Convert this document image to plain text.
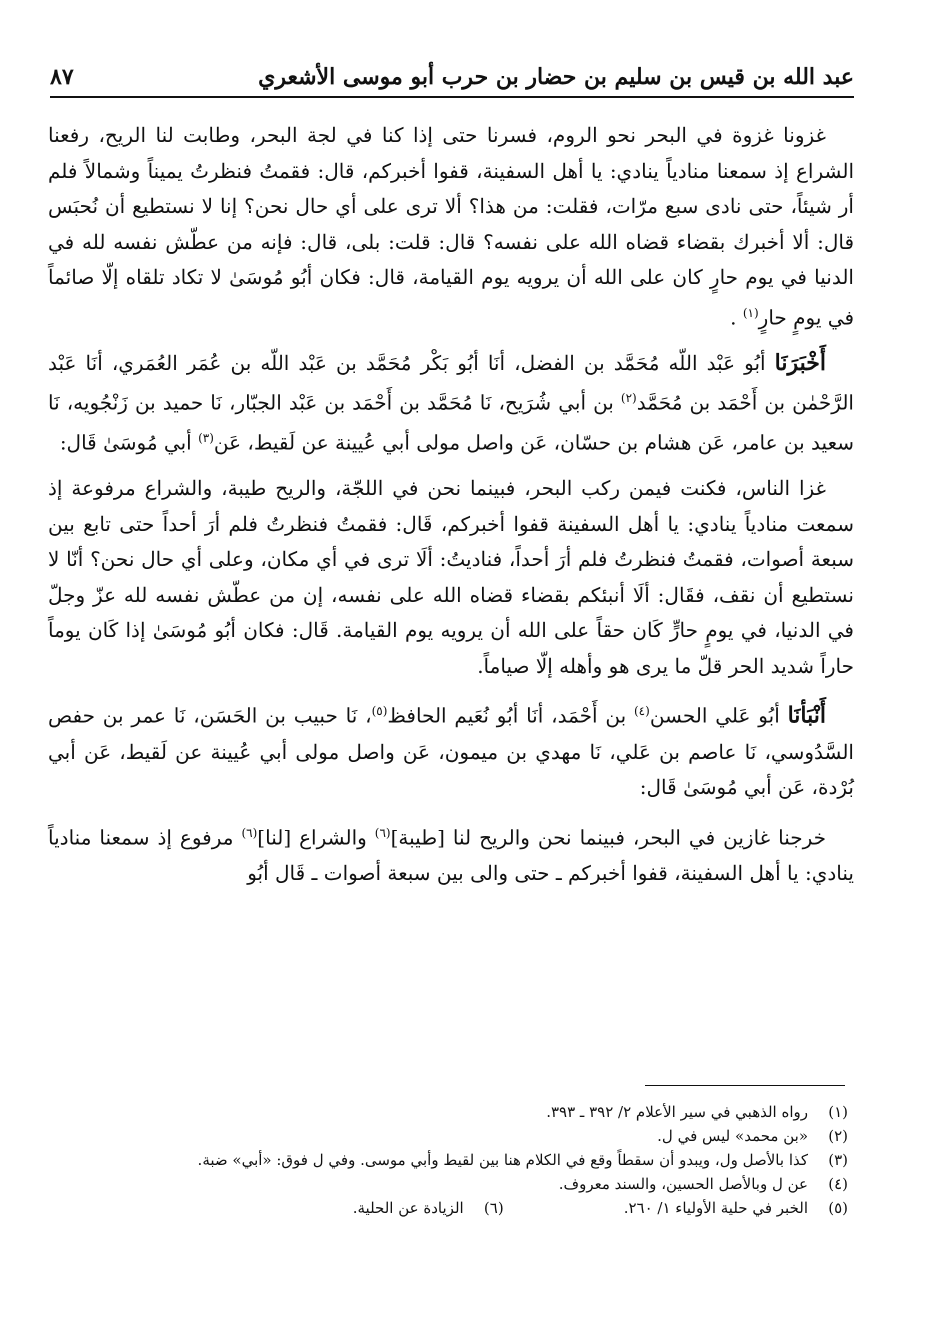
عبد الله بن قيس بن سليم بن حضار بن حرب أبو موسى الأشعري
٨٧

غزونا غزوة في البحر نحو الروم، فسرنا حتى إذا كنا في لجة البحر، وطابت لنا الريح، رفعنا الشراع إذ سمعنا منادياً ينادي: يا أهل السفينة، قفوا أخبركم، قال: فقمتُ فنظرتُ يميناً وشمالاً فلم أر شيئاً، حتى نادى سبع مرّات، فقلت: من هذا؟ ألا ترى على أي حال نحن؟ إنا لا نستطيع أن نُحبَس قال: ألا أخبرك بقضاء قضاه الله على نفسه؟ قال: قلت: بلى، قال: فإنه من عطّش نفسه لله في الدنيا في يوم حارٍ كان على الله أن يرويه يوم القيامة، قال: فكان أبُو مُوسَىٰ لا تكاد تلقاه إلّا صائماً في يومٍ حارٍ$^{(١)}$ .

أَخْبَرَنَا أبُو عَبْد اللّه مُحَمَّد بن الفضل، أنَا أبُو بَكْر مُحَمَّد بن عَبْد اللّه بن عُمَر العُمَري، أنَا عَبْد الرَّحْمٰن بن أَحْمَد بن مُحَمَّد$^{(٢)}$ بن أبي شُرَيح، نَا مُحَمَّد بن أَحْمَد بن عَبْد الجبّار، نَا حميد بن زَنْجُويه، نَا سعيد بن عامر، عَن هشام بن حسّان، عَن واصل مولى أبي عُيينة عن لَقيط، عَن$^{(٣)}$ أبي مُوسَىٰ قَال:

غزا الناس، فكنت فيمن ركب البحر، فبينما نحن في اللجّة، والريح طيبة، والشراع مرفوعة إذ سمعت منادياً ينادي: يا أهل السفينة قفوا أخبركم، قَال: فقمتُ فنظرتُ فلم أرَ أحداً حتى تابع بين سبعة أصوات، فقمتُ فنظرتُ فلم أرَ أحداً، فناديتُ: ألَا ترى في أي مكان، وعلى أي حال نحن؟ أنّا لا نستطيع أن نقف، فقَال: ألَا أنبئكم بقضاء قضاه الله على نفسه، إن من عطّش نفسه لله عزّ وجلّ في الدنيا، في يومٍ حارٍّ كَان حقاً على الله أن يرويه يوم القيامة. قَال: فكان أبُو مُوسَىٰ إذا كَان يوماً حاراً شديد الحر قلّ ما يرى هو وأهله إلّا صياماً.

أَنْبَأنَا أبُو عَلي الحسن$^{(٤)}$ بن أَحْمَد، أنَا أبُو نُعَيم الحافظ$^{(٥)}$، نَا حبيب بن الحَسَن، نَا عمر بن حفص السَّدُوسي، نَا عاصم بن عَلي، نَا مهدي بن ميمون، عَن واصل مولى أبي عُيينة عن لَقيط، عَن أبي بُرْدة، عَن أبي مُوسَىٰ قَال:

خرجنا غازين في البحر، فبينما نحن والريح لنا [طيبة]$^{(٦)}$ والشراع [لنا]$^{(٦)}$ مرفوع إذ سمعنا منادياً ينادي: يا أهل السفينة، قفوا أخبركم ـ حتى والى بين سبعة أصوات ـ قَال أبُو

(١)
رواه الذهبي في سير الأعلام ٢/ ٣٩٢ ـ ٣٩٣.
(٢)
«بن محمد» ليس في ل.
(٣)
كذا بالأصل ول، ويبدو أن سقطاً وقع في الكلام هنا بين لقيط وأبي موسى. وفي ل فوق: «أبي» ضبة.
(٤)
عن ل وبالأصل الحسين، والسند معروف.
(٥)
الخبر في حلية الأولياء ١/ ٢٦٠.
(٦)
الزيادة عن الحلية.
